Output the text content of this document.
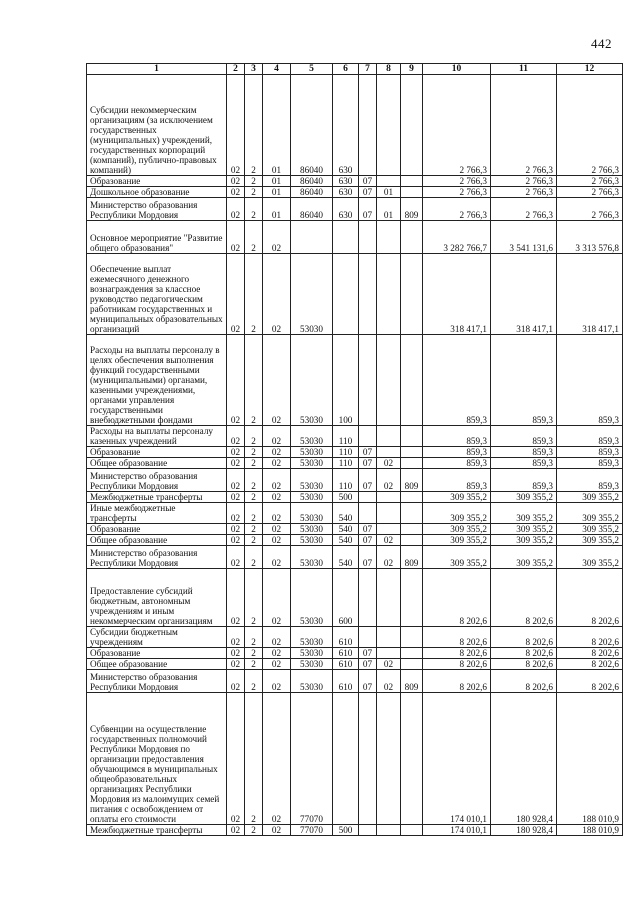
442
1	2	3	4	5	6	7	8	9	10	11	12
Субсидии некоммерческим организациям (за исключением государственных (муниципальных) учреждений, государственных корпораций (компаний), публично-правовых компаний)	02	2	01	86040	630				2 766,3	2 766,3	2 766,3
Образование	02	2	01	86040	630	07			2 766,3	2 766,3	2 766,3
Дошкольное образование	02	2	01	86040	630	07	01		2 766,3	2 766,3	2 766,3
Министерство образования Республики Мордовия	02	2	01	86040	630	07	01	809	2 766,3	2 766,3	2 766,3
Основное мероприятие "Развитие общего образования"	02	2	02						3 282 766,7	3 541 131,6	3 313 576,8
Обеспечение выплат ежемесячного денежного вознаграждения за классное руководство педагогическим работникам государственных и муниципальных образовательных организаций	02	2	02	53030					318 417,1	318 417,1	318 417,1
Расходы на выплаты персоналу в целях обеспечения выполнения функций государственными (муниципальными) органами, казенными учреждениями, органами управления государственными внебюджетными фондами	02	2	02	53030	100				859,3	859,3	859,3
Расходы на выплаты персоналу казенных учреждений	02	2	02	53030	110				859,3	859,3	859,3
Образование	02	2	02	53030	110	07			859,3	859,3	859,3
Общее образование	02	2	02	53030	110	07	02		859,3	859,3	859,3
Министерство образования Республики Мордовия	02	2	02	53030	110	07	02	809	859,3	859,3	859,3
Межбюджетные трансферты	02	2	02	53030	500				309 355,2	309 355,2	309 355,2
Иные межбюджетные трансферты	02	2	02	53030	540				309 355,2	309 355,2	309 355,2
Образование	02	2	02	53030	540	07			309 355,2	309 355,2	309 355,2
Общее образование	02	2	02	53030	540	07	02		309 355,2	309 355,2	309 355,2
Министерство образования Республики Мордовия	02	2	02	53030	540	07	02	809	309 355,2	309 355,2	309 355,2
Предоставление субсидий бюджетным, автономным учреждениям и иным некоммерческим организациям	02	2	02	53030	600				8 202,6	8 202,6	8 202,6
Субсидии бюджетным учреждениям	02	2	02	53030	610				8 202,6	8 202,6	8 202,6
Образование	02	2	02	53030	610	07			8 202,6	8 202,6	8 202,6
Общее образование	02	2	02	53030	610	07	02		8 202,6	8 202,6	8 202,6
Министерство образования Республики Мордовия	02	2	02	53030	610	07	02	809	8 202,6	8 202,6	8 202,6
Субвенции на осуществление государственных полномочий Республики Мордовия по организации предоставления обучающимся в муниципальных общеобразовательных организациях Республики Мордовия из малоимущих семей питания с освобождением от оплаты его стоимости	02	2	02	77070					174 010,1	180 928,4	188 010,9
Межбюджетные трансферты	02	2	02	77070	500				174 010,1	180 928,4	188 010,9
